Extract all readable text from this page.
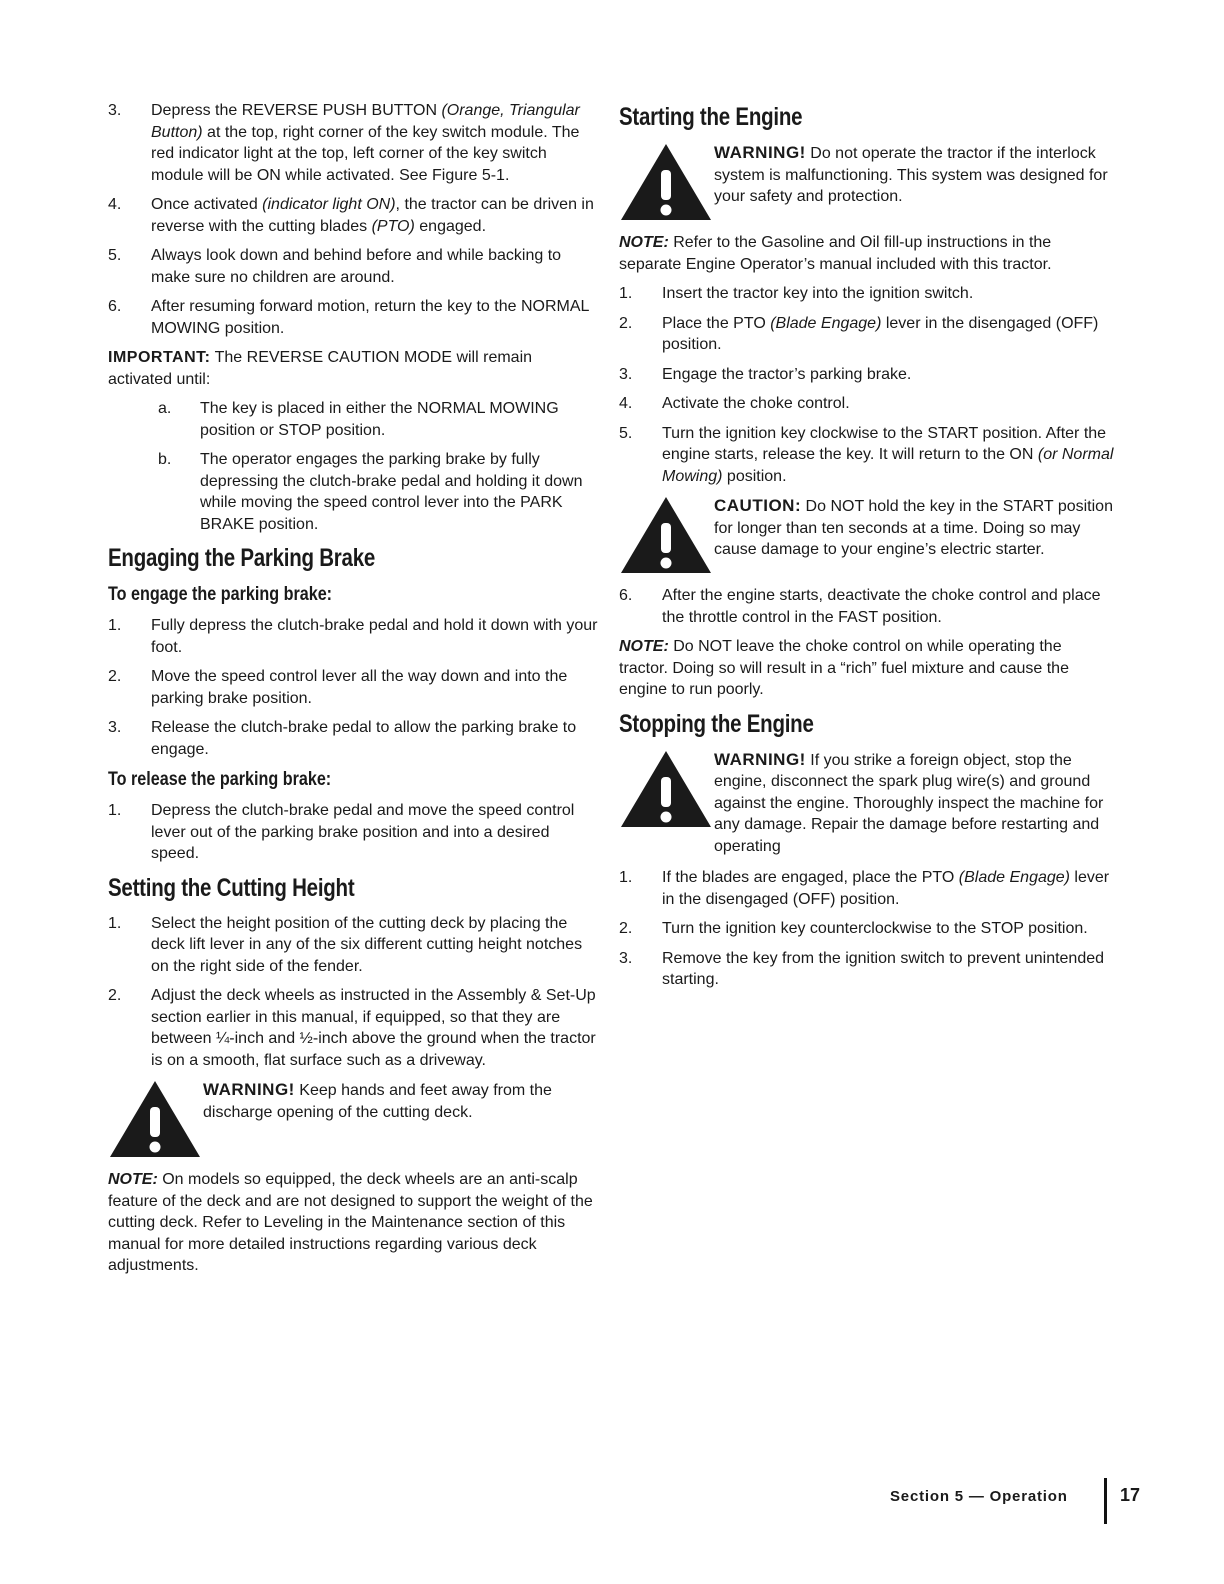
3.	Depress the REVERSE PUSH BUTTON (Orange, Triangular Button) at the top, right corner of the key switch module. The red indicator light at the top, left corner of the key switch module will be ON while activated. See Figure 5-1.
4.	Once activated (indicator light ON), the tractor can be driven in reverse with the cutting blades (PTO) engaged.
5.	Always look down and behind before and while backing to make sure no children are around.
6.	After resuming forward motion, return the key to the NORMAL MOWING position.

IMPORTANT: The REVERSE CAUTION MODE will remain activated until:

a.	The key is placed in either the NORMAL MOWING position or STOP position.
b.	The operator engages the parking brake by fully depressing the clutch-brake pedal and holding it down while moving the speed control lever into the PARK BRAKE position.
Engaging the Parking Brake
To engage the parking brake:
1.	Fully depress the clutch-brake pedal and hold it down with your foot.
2.	Move the speed control lever all the way down and into the parking brake position.
3.	Release the clutch-brake pedal to allow the parking brake to engage.
To release the parking brake:
1.	Depress the clutch-brake pedal and move the speed control lever out of the parking brake position and into a desired speed.
Setting the Cutting Height
1.	Select the height position of the cutting deck by placing the deck lift lever in any of the six different cutting height notches on the right side of the fender.
2.	Adjust the deck wheels as instructed in the Assembly & Set-Up section earlier in this manual, if equipped, so that they are between ¼-inch and ½-inch above the ground when the tractor is on a smooth, flat surface such as a driveway.
WARNING! Keep hands and feet away from the discharge opening of the cutting deck.

NOTE: On models so equipped, the deck wheels are an anti-scalp feature of the deck and are not designed to support the weight of the cutting deck. Refer to Leveling in the Maintenance section of this manual for more detailed instructions regarding various deck adjustments.

Starting the Engine
WARNING! Do not operate the tractor if the interlock system is malfunctioning. This system was designed for your safety and protection.

NOTE: Refer to the Gasoline and Oil fill-up instructions in the separate Engine Operator’s manual included with this tractor.

1.	Insert the tractor key into the ignition switch.
2.	Place the PTO (Blade Engage) lever in the disengaged (OFF) position.
3.	Engage the tractor’s parking brake.
4.	Activate the choke control.
5.	Turn the ignition key clockwise to the START position. After the engine starts, release the key. It will return to the ON (or Normal Mowing) position.
CAUTION: Do NOT hold the key in the START position for longer than ten seconds at a time. Doing so may cause damage to your engine’s electric starter.
6.	After the engine starts, deactivate the choke control and place the throttle control in the FAST position.

NOTE: Do NOT leave the choke control on while operating the tractor. Doing so will result in a “rich” fuel mixture and cause the engine to run poorly.

Stopping the Engine
WARNING! If you strike a foreign object, stop the engine, disconnect the spark plug wire(s) and ground against the engine. Thoroughly inspect the machine for any damage. Repair the damage before restarting and operating
1.	If the blades are engaged, place the PTO (Blade Engage) lever in the disengaged (OFF) position.
2.	Turn the ignition key counterclockwise to the STOP position.
3.	Remove the key from the ignition switch to prevent unintended starting.
Section 5 — Operation	17
